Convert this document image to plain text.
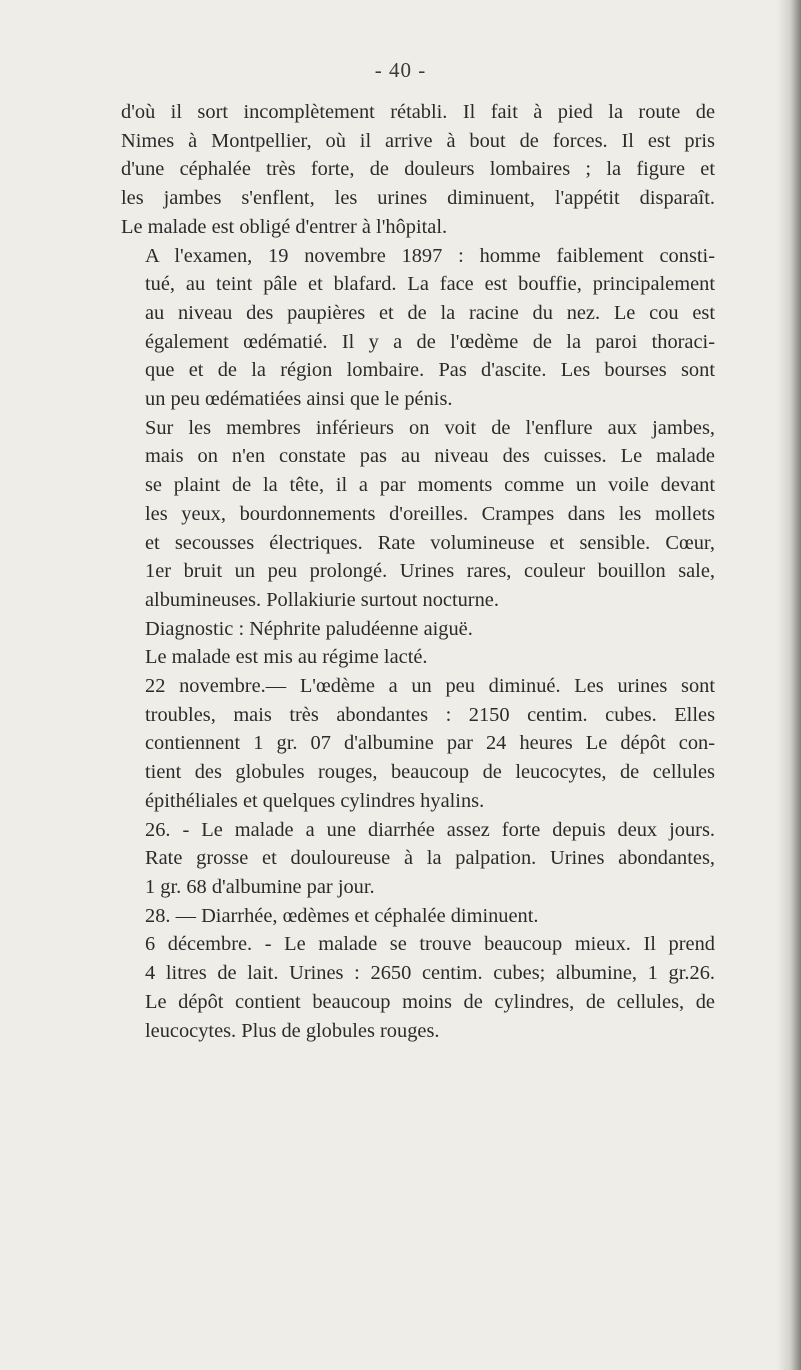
- 40 -

d'où il sort incomplètement rétabli. Il fait à pied la route de
Nimes à Montpellier, où il arrive à bout de forces. Il est pris
d'une céphalée très forte, de douleurs lombaires ; la figure et
les jambes s'enflent, les urines diminuent, l'appétit disparaît.
Le malade est obligé d'entrer à l'hôpital.

A l'examen, 19 novembre 1897 : homme faiblement consti-
tué, au teint pâle et blafard. La face est bouffie, principalement
au niveau des paupières et de la racine du nez. Le cou est
également œdématié. Il y a de l'œdème de la paroi thoraci-
que et de la région lombaire. Pas d'ascite. Les bourses sont
un peu œdématiées ainsi que le pénis.

Sur les membres inférieurs on voit de l'enflure aux jambes,
mais on n'en constate pas au niveau des cuisses. Le malade
se plaint de la tête, il a par moments comme un voile devant
les yeux, bourdonnements d'oreilles. Crampes dans les mollets
et secousses électriques. Rate volumineuse et sensible. Cœur,
1er bruit un peu prolongé. Urines rares, couleur bouillon sale,
albumineuses. Pollakiurie surtout nocturne.

Diagnostic : Néphrite paludéenne aiguë.

Le malade est mis au régime lacté.

22 novembre.— L'œdème a un peu diminué. Les urines sont
troubles, mais très abondantes : 2150 centim. cubes. Elles
contiennent 1 gr. 07 d'albumine par 24 heures Le dépôt con-
tient des globules rouges, beaucoup de leucocytes, de cellules
épithéliales et quelques cylindres hyalins.

26. - Le malade a une diarrhée assez forte depuis deux jours.
Rate grosse et douloureuse à la palpation. Urines abondantes,
1 gr. 68 d'albumine par jour.

28. — Diarrhée, œdèmes et céphalée diminuent.

6 décembre. - Le malade se trouve beaucoup mieux. Il prend
4 litres de lait. Urines : 2650 centim. cubes; albumine, 1 gr.26.
Le dépôt contient beaucoup moins de cylindres, de cellules, de
leucocytes. Plus de globules rouges.
